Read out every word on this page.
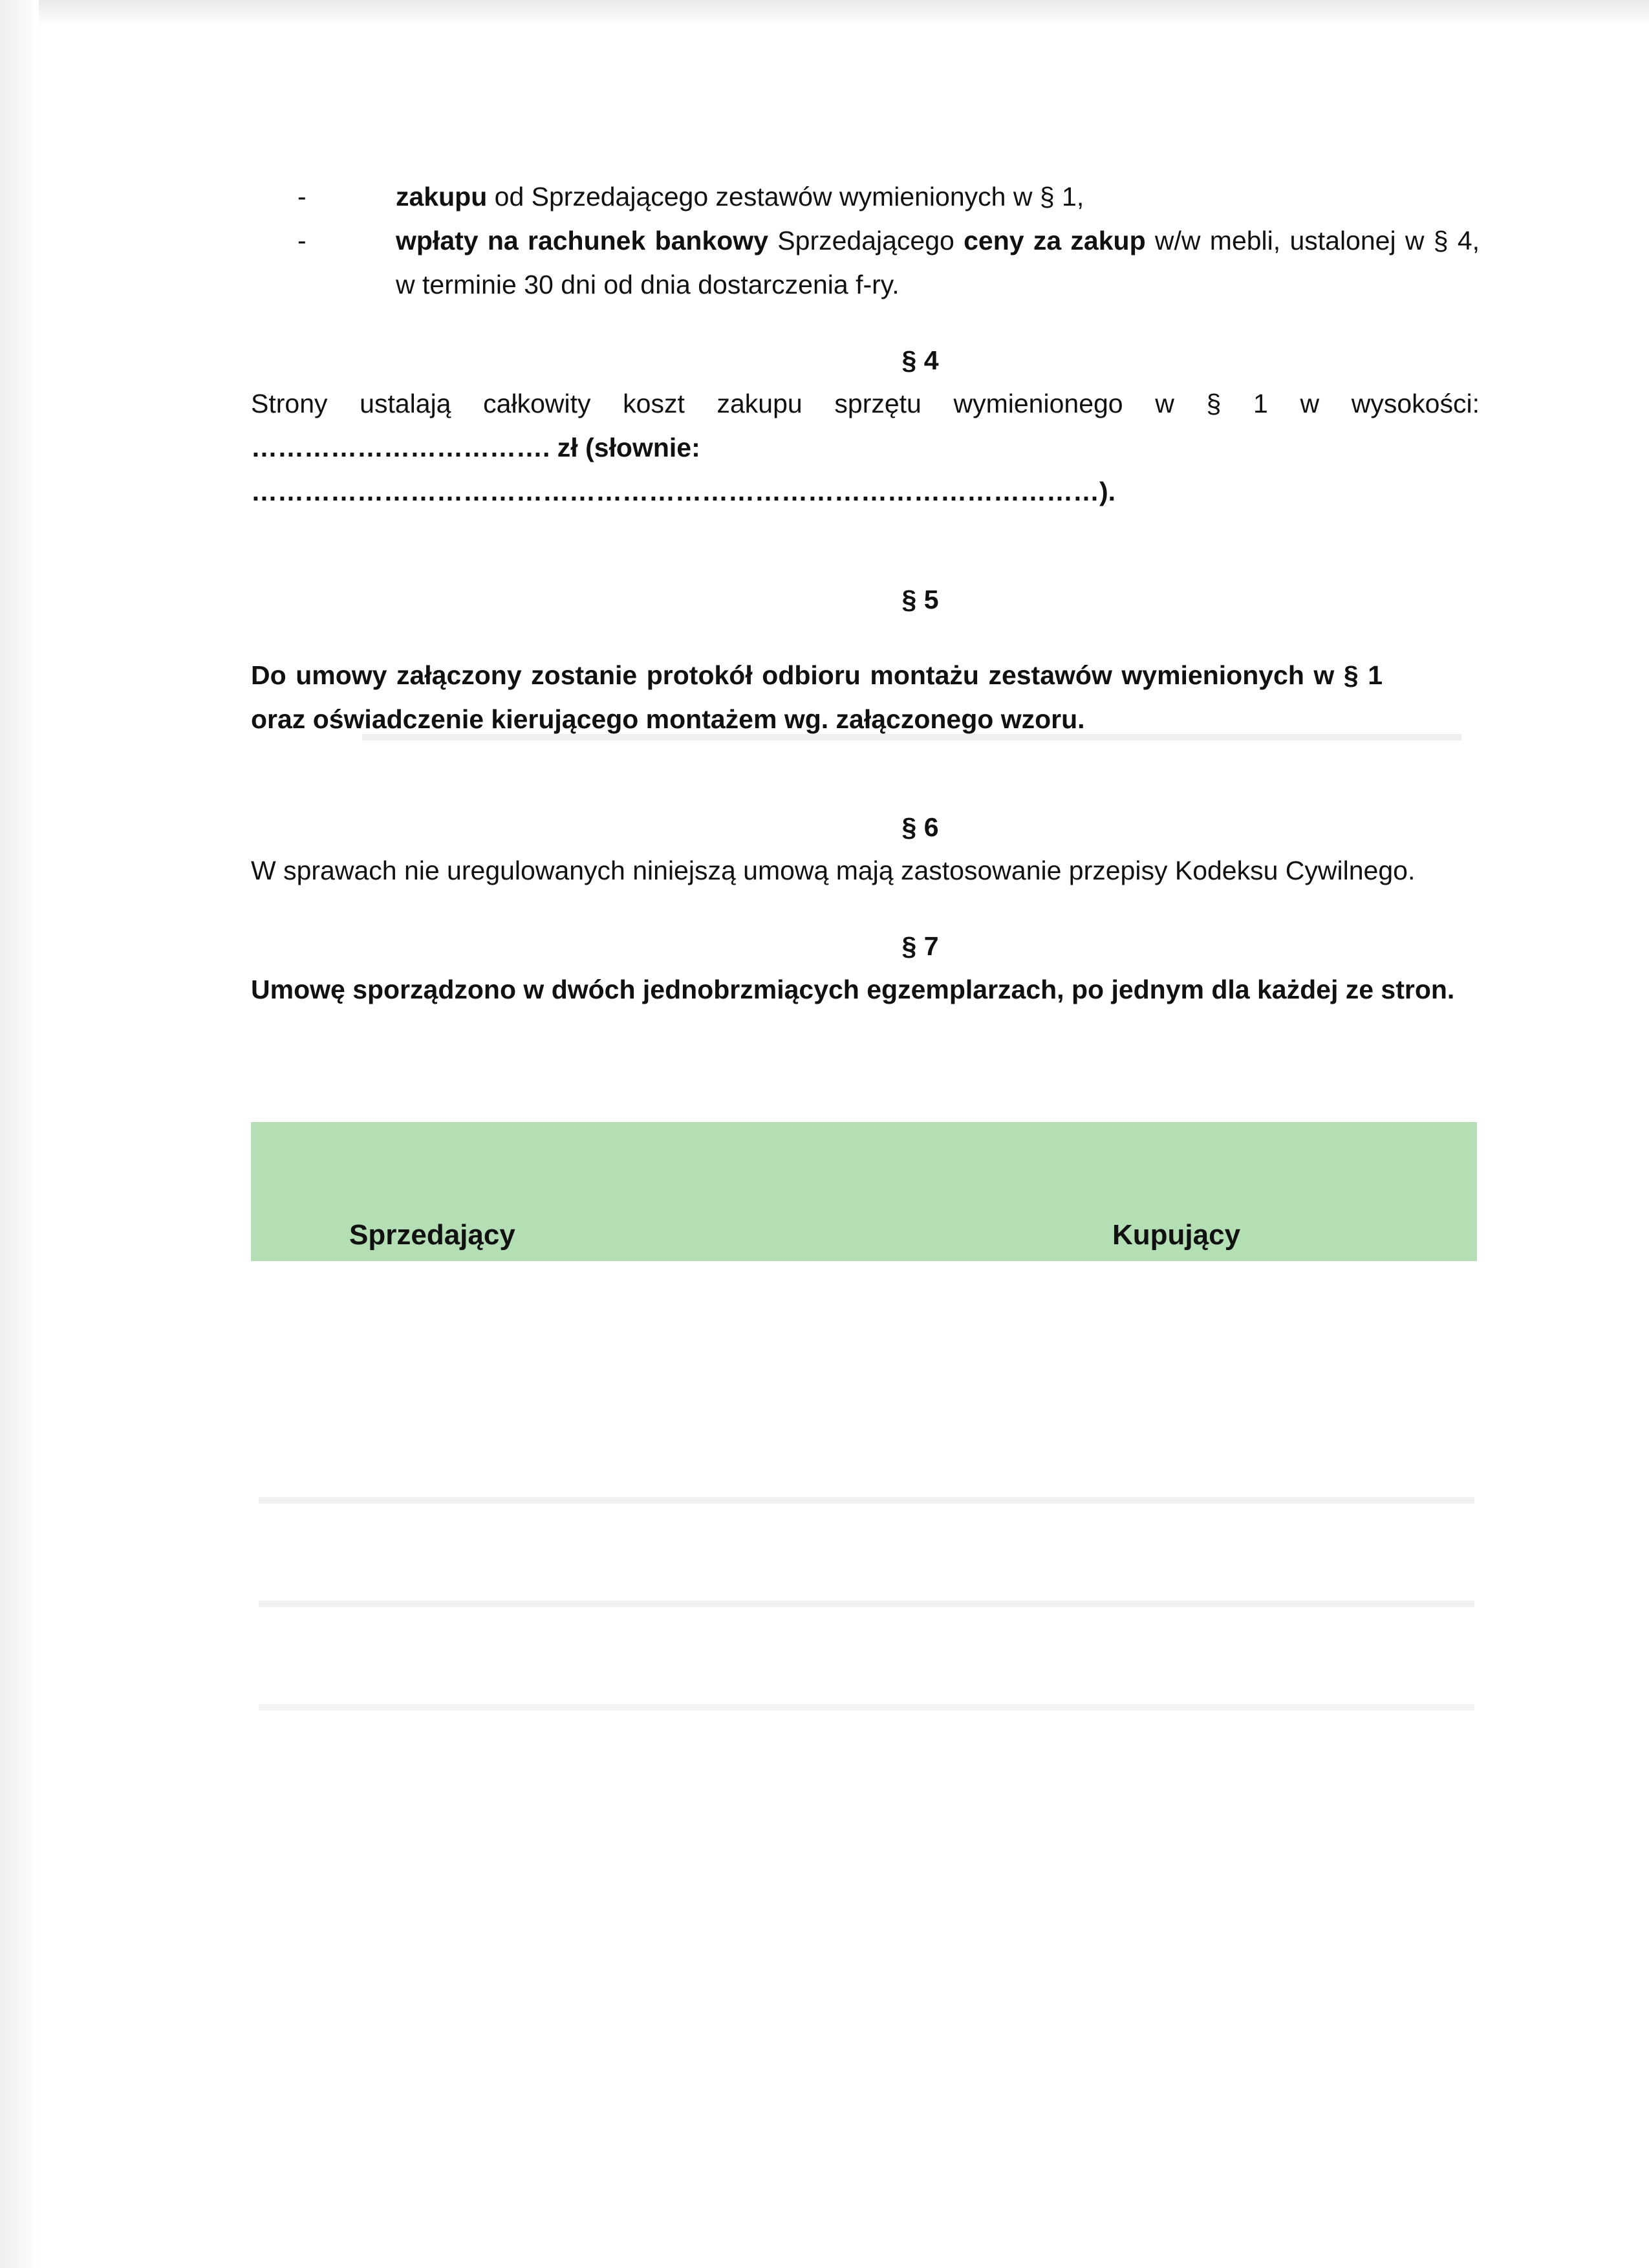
-	zakupu od Sprzedającego zestawów wymienionych w § 1,
-	wpłaty na rachunek bankowy Sprzedającego ceny za zakup w/w mebli, ustalonej w § 4, w terminie 30 dni od dnia dostarczenia f-ry.
§ 4
Strony ustalają całkowity koszt zakupu sprzętu wymienionego w § 1 w wysokości:
……………………………. zł (słownie: ……………………………………………………………………………………).
§ 5
Do umowy załączony zostanie protokół odbioru montażu zestawów wymienionych w § 1 oraz oświadczenie kierującego montażem wg. załączonego wzoru.
§ 6
W sprawach nie uregulowanych niniejszą umową mają zastosowanie przepisy Kodeksu Cywilnego.
§ 7
Umowę sporządzono w dwóch jednobrzmiących egzemplarzach, po jednym dla każdej ze stron.
Sprzedający	Kupujący
